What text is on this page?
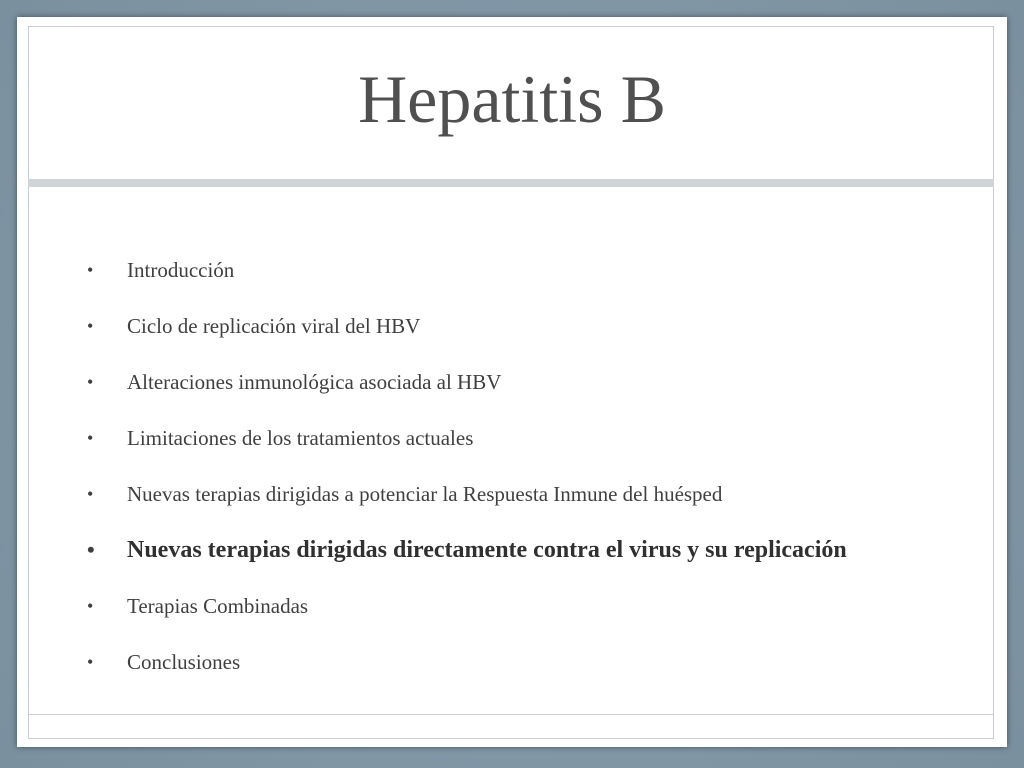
Hepatitis B
•	Introducción
•	Ciclo de replicación viral del HBV
•	Alteraciones inmunológica asociada al HBV
•	Limitaciones de los tratamientos actuales
•	Nuevas terapias dirigidas a potenciar la Respuesta Inmune del huésped
•	Nuevas terapias dirigidas directamente contra el virus y su replicación
•	Terapias Combinadas
•	Conclusiones
